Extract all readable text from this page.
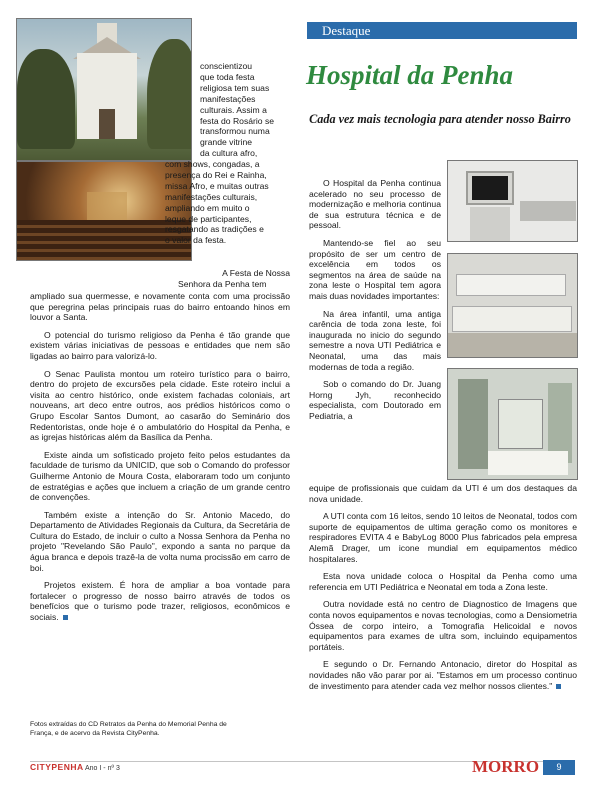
conscientizou
que toda festa
religiosa tem suas
manifestações
culturais. Assim a
festa do Rosário se
transformou numa
grande vitrine
da cultura afro,
com shows, congadas, a
presença do Rei e Rainha,
missa Afro, e muitas outras
manifestações culturais,
ampliando em muito o
leque de participantes,
resgatando as tradições e
o valor da festa.
A Festa de Nossa
Senhora da Penha tem

ampliado sua quermesse, e novamente conta com uma procissão que peregrina pelas principais ruas do bairro entoando hinos em louvor a Santa.

O potencial do turismo religioso da Penha é tão grande que existem várias iniciativas de pessoas e entidades que nem são ligadas ao bairro para valorizá-lo.

O Senac Paulista montou um roteiro turístico para o bairro, dentro do projeto de excursões pela cidade. Este roteiro inclui a visita ao centro histórico, onde existem fachadas coloniais, art nouveans, art deco entre outros, aos prédios históricos como o Grupo Escolar Santos Dumont, ao casarão do Seminário dos Redentoristas, onde hoje é o ambulatório do Hospital da Penha, e as igrejas históricas além da Basílica da Penha.

Existe ainda um sofisticado projeto feito pelos estudantes da faculdade de turismo da UNICID, que sob o Comando do professor Guilherme Antonio de Moura Costa, elaboraram todo um conjunto de estratégias e ações que incluem a criação de um grande centro de convenções.

Também existe a intenção do Sr. Antonio Macedo, do Departamento de Atividades Regionais da Cultura, da Secretária de Cultura do Estado, de incluir o culto a Nossa Senhora da Penha no projeto "Revelando São Paulo", expondo a santa no parque da água branca e depois trazê-la de volta numa procissão em carro de boi.

Projetos existem. É hora de ampliar a boa vontade para fortalecer o progresso de nosso bairro através de todos os benefícios que o turismo pode trazer, religiosos, econômicos e sociais.

Fotos extraídas do CD Retratos da Penha do Memorial Penha de França, e de acervo da Revista CityPenha.
Destaque
Hospital da Penha
Cada vez mais tecnologia para atender nosso Bairro

O Hospital da Penha continua acelerado no seu processo de modernização e melhoria continua de sua estrutura técnica e de pessoal.

Mantendo-se fiel ao seu propósito de ser um centro de excelência em todos os segmentos na área de saúde na zona leste o Hospital tem agora mais duas novidades importantes:

Na área infantil, uma antiga carência de toda zona leste, foi inaugurada no inicio do segundo semestre a nova UTI Pediátrica e Neonatal, uma das mais modernas de toda a região.

Sob o comando do Dr. Juang Horng Jyh, reconhecido especialista, com Doutorado em Pediatria, a

equipe de profissionais que cuidam da UTI é um dos destaques da nova unidade.

A UTI conta com 16 leitos, sendo 10 leitos de Neonatal, todos com suporte de equipamentos de ultima geração como os monitores e respiradores EVITA 4 e BabyLog 8000 Plus fabricados pela empresa Alemã Drager, um icone mundial em equipamentos médico hospitalares.

Esta nova unidade coloca o Hospital da Penha como uma referencia em UTI Pediátrica e Neonatal em toda a Zona leste.

Outra novidade está no centro de Diagnostico de Imagens que conta novos equipamentos e novas tecnologias, como a Densiometria Óssea de corpo inteiro, a Tomografia Helicoidal e novos equipamentos para exames de ultra som, incluindo equipamentos portáteis.

E segundo o Dr. Fernando Antonacio, diretor do Hospital as novidades não vão parar por ai. "Estamos em um processo continuo de investimento para atender cada vez melhor nossos clientes."

CITYPENHA Ano I - nº 3	MORRO	9
